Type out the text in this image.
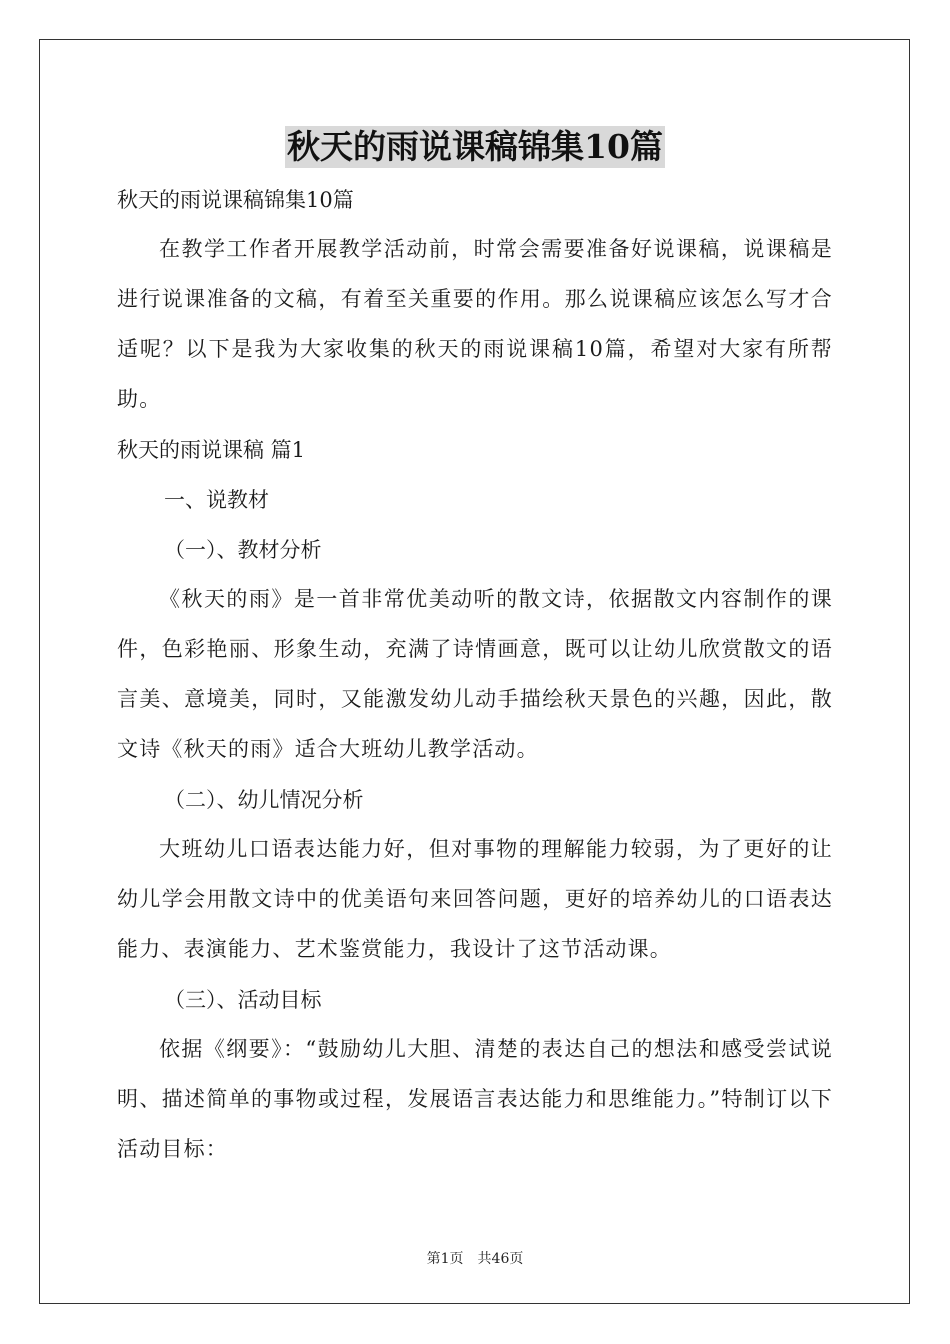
秋天的雨说课稿锦集10篇
秋天的雨说课稿锦集10篇
在教学工作者开展教学活动前，时常会需要准备好说课稿，说课稿是进行说课准备的文稿，有着至关重要的作用。那么说课稿应该怎么写才合适呢？以下是我为大家收集的秋天的雨说课稿10篇，希望对大家有所帮助。
秋天的雨说课稿 篇1
一、说教材
（一）、教材分析
《秋天的雨》是一首非常优美动听的散文诗，依据散文内容制作的课件，色彩艳丽、形象生动，充满了诗情画意，既可以让幼儿欣赏散文的语言美、意境美，同时，又能激发幼儿动手描绘秋天景色的兴趣，因此，散文诗《秋天的雨》适合大班幼儿教学活动。
（二）、幼儿情况分析
大班幼儿口语表达能力好，但对事物的理解能力较弱，为了更好的让幼儿学会用散文诗中的优美语句来回答问题，更好的培养幼儿的口语表达能力、表演能力、艺术鉴赏能力，我设计了这节活动课。
（三）、活动目标
依据《纲要》：“鼓励幼儿大胆、清楚的表达自己的想法和感受尝试说明、描述简单的事物或过程，发展语言表达能力和思维能力。”特制订以下活动目标：
第1页 共46页
